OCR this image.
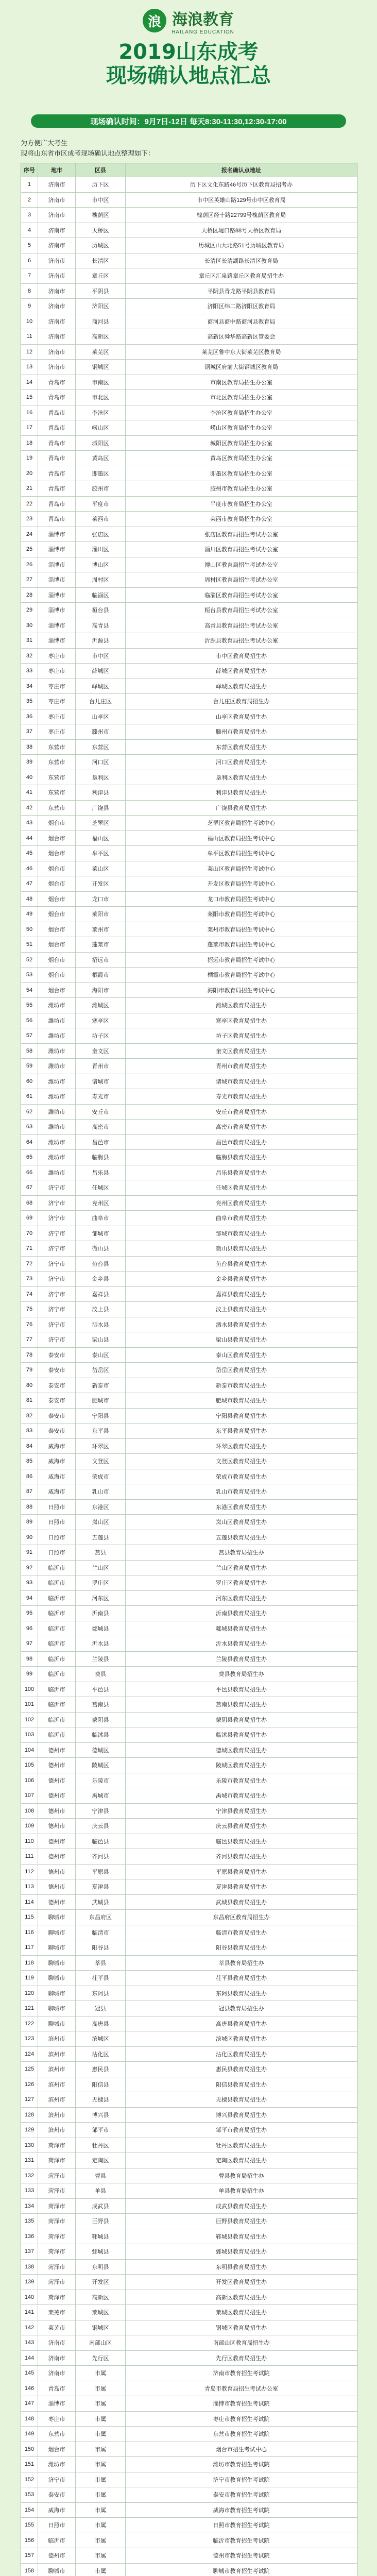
浪 海浪教育
HAILANG EDUCATION
2019山东成考
现场确认地点汇总
现场确认时间：9月7日-12日 每天8:30-11:30,12:30-17:00
为方便广大考生
现将山东省市区成考现场确认地点整理如下：
序号	地市	区县	报名确认点地址
1	济南市	历下区	历下区文化东路46号历下区教育局招考办
2	济南市	市中区	市中区英雄山路129号市中区教育局
3	济南市	槐荫区	槐荫区经十路22799号槐荫区教育局
4	济南市	天桥区	天桥区堤口路88号天桥区教育局
5	济南市	历城区	历城区山大北路51号历城区教育局
6	济南市	长清区	长清区长清湖路长清区教育局
7	济南市	章丘区	章丘区汇泉路章丘区教育局招生办
8	济南市	平阴县	平阴县青龙路平阴县教育局
9	济南市	济阳区	济阳区纬二路济阳区教育局
10	济南市	商河县	商河县商中路商河县教育局
11	济南市	高新区	高新区舜华路高新区管委会
12	济南市	莱芜区	莱芜区鲁中东大街莱芜区教育局
13	济南市	钢城区	钢城区府前大街钢城区教育局
14	青岛市	市南区	市南区教育局招生办公室
15	青岛市	市北区	市北区教育局招生办公室
16	青岛市	李沧区	李沧区教育局招生办公室
17	青岛市	崂山区	崂山区教育局招生办公室
18	青岛市	城阳区	城阳区教育局招生办公室
19	青岛市	黄岛区	黄岛区教育局招生办公室
20	青岛市	即墨区	即墨区教育局招生办公室
21	青岛市	胶州市	胶州市教育局招生办公室
22	青岛市	平度市	平度市教育局招生办公室
23	青岛市	莱西市	莱西市教育局招生办公室
24	淄博市	张店区	张店区教育局招生考试办公室
25	淄博市	淄川区	淄川区教育局招生考试办公室
26	淄博市	博山区	博山区教育局招生考试办公室
27	淄博市	周村区	周村区教育局招生考试办公室
28	淄博市	临淄区	临淄区教育局招生考试办公室
29	淄博市	桓台县	桓台县教育局招生考试办公室
30	淄博市	高青县	高青县教育局招生考试办公室
31	淄博市	沂源县	沂源县教育局招生考试办公室
32	枣庄市	市中区	市中区教育局招生办
33	枣庄市	薛城区	薛城区教育局招生办
34	枣庄市	峄城区	峄城区教育局招生办
35	枣庄市	台儿庄区	台儿庄区教育局招生办
36	枣庄市	山亭区	山亭区教育局招生办
37	枣庄市	滕州市	滕州市教育局招生办
38	东营市	东营区	东营区教育局招生办
39	东营市	河口区	河口区教育局招生办
40	东营市	垦利区	垦利区教育局招生办
41	东营市	利津县	利津县教育局招生办
42	东营市	广饶县	广饶县教育局招生办
43	烟台市	芝罘区	芝罘区教育局招生考试中心
44	烟台市	福山区	福山区教育局招生考试中心
45	烟台市	牟平区	牟平区教育局招生考试中心
46	烟台市	莱山区	莱山区教育局招生考试中心
47	烟台市	开发区	开发区教育局招生考试中心
48	烟台市	龙口市	龙口市教育局招生考试中心
49	烟台市	莱阳市	莱阳市教育局招生考试中心
50	烟台市	莱州市	莱州市教育局招生考试中心
51	烟台市	蓬莱市	蓬莱市教育局招生考试中心
52	烟台市	招远市	招远市教育局招生考试中心
53	烟台市	栖霞市	栖霞市教育局招生考试中心
54	烟台市	海阳市	海阳市教育局招生考试中心
55	潍坊市	潍城区	潍城区教育局招生办
56	潍坊市	寒亭区	寒亭区教育局招生办
57	潍坊市	坊子区	坊子区教育局招生办
58	潍坊市	奎文区	奎文区教育局招生办
59	潍坊市	青州市	青州市教育局招生办
60	潍坊市	诸城市	诸城市教育局招生办
61	潍坊市	寿光市	寿光市教育局招生办
62	潍坊市	安丘市	安丘市教育局招生办
63	潍坊市	高密市	高密市教育局招生办
64	潍坊市	昌邑市	昌邑市教育局招生办
65	潍坊市	临朐县	临朐县教育局招生办
66	潍坊市	昌乐县	昌乐县教育局招生办
67	济宁市	任城区	任城区教育局招生办
68	济宁市	兖州区	兖州区教育局招生办
69	济宁市	曲阜市	曲阜市教育局招生办
70	济宁市	邹城市	邹城市教育局招生办
71	济宁市	微山县	微山县教育局招生办
72	济宁市	鱼台县	鱼台县教育局招生办
73	济宁市	金乡县	金乡县教育局招生办
74	济宁市	嘉祥县	嘉祥县教育局招生办
75	济宁市	汶上县	汶上县教育局招生办
76	济宁市	泗水县	泗水县教育局招生办
77	济宁市	梁山县	梁山县教育局招生办
78	泰安市	泰山区	泰山区教育局招生办
79	泰安市	岱岳区	岱岳区教育局招生办
80	泰安市	新泰市	新泰市教育局招生办
81	泰安市	肥城市	肥城市教育局招生办
82	泰安市	宁阳县	宁阳县教育局招生办
83	泰安市	东平县	东平县教育局招生办
84	威海市	环翠区	环翠区教育局招生办
85	威海市	文登区	文登区教育局招生办
86	威海市	荣成市	荣成市教育局招生办
87	威海市	乳山市	乳山市教育局招生办
88	日照市	东港区	东港区教育局招生办
89	日照市	岚山区	岚山区教育局招生办
90	日照市	五莲县	五莲县教育局招生办
91	日照市	莒县	莒县教育局招生办
92	临沂市	兰山区	兰山区教育局招生办
93	临沂市	罗庄区	罗庄区教育局招生办
94	临沂市	河东区	河东区教育局招生办
95	临沂市	沂南县	沂南县教育局招生办
96	临沂市	郯城县	郯城县教育局招生办
97	临沂市	沂水县	沂水县教育局招生办
98	临沂市	兰陵县	兰陵县教育局招生办
99	临沂市	费县	费县教育局招生办
100	临沂市	平邑县	平邑县教育局招生办
101	临沂市	莒南县	莒南县教育局招生办
102	临沂市	蒙阴县	蒙阴县教育局招生办
103	临沂市	临沭县	临沭县教育局招生办
104	德州市	德城区	德城区教育局招生办
105	德州市	陵城区	陵城区教育局招生办
106	德州市	乐陵市	乐陵市教育局招生办
107	德州市	禹城市	禹城市教育局招生办
108	德州市	宁津县	宁津县教育局招生办
109	德州市	庆云县	庆云县教育局招生办
110	德州市	临邑县	临邑县教育局招生办
111	德州市	齐河县	齐河县教育局招生办
112	德州市	平原县	平原县教育局招生办
113	德州市	夏津县	夏津县教育局招生办
114	德州市	武城县	武城县教育局招生办
115	聊城市	东昌府区	东昌府区教育局招生办
116	聊城市	临清市	临清市教育局招生办
117	聊城市	阳谷县	阳谷县教育局招生办
118	聊城市	莘县	莘县教育局招生办
119	聊城市	茌平县	茌平县教育局招生办
120	聊城市	东阿县	东阿县教育局招生办
121	聊城市	冠县	冠县教育局招生办
122	聊城市	高唐县	高唐县教育局招生办
123	滨州市	滨城区	滨城区教育局招生办
124	滨州市	沾化区	沾化区教育局招生办
125	滨州市	惠民县	惠民县教育局招生办
126	滨州市	阳信县	阳信县教育局招生办
127	滨州市	无棣县	无棣县教育局招生办
128	滨州市	博兴县	博兴县教育局招生办
129	滨州市	邹平市	邹平市教育局招生办
130	菏泽市	牡丹区	牡丹区教育局招生办
131	菏泽市	定陶区	定陶区教育局招生办
132	菏泽市	曹县	曹县教育局招生办
133	菏泽市	单县	单县教育局招生办
134	菏泽市	成武县	成武县教育局招生办
135	菏泽市	巨野县	巨野县教育局招生办
136	菏泽市	郓城县	郓城县教育局招生办
137	菏泽市	鄄城县	鄄城县教育局招生办
138	菏泽市	东明县	东明县教育局招生办
139	菏泽市	开发区	开发区教育局招生办
140	菏泽市	高新区	高新区教育局招生办
141	莱芜市	莱城区	莱城区教育局招生办
142	莱芜市	钢城区	钢城区教育局招生办
143	济南市	南部山区	南部山区教育局招生办
144	济南市	先行区	先行区教育局招生办
145	济南市	市属	济南市教育招生考试院
146	青岛市	市属	青岛市教育局招生考试办公室
147	淄博市	市属	淄博市教育招生考试院
148	枣庄市	市属	枣庄市教育招生考试院
149	东营市	市属	东营市教育招生考试院
150	烟台市	市属	烟台市招生考试中心
151	潍坊市	市属	潍坊市教育招生考试院
152	济宁市	市属	济宁市教育招生考试院
153	泰安市	市属	泰安市教育招生考试院
154	威海市	市属	威海市教育招生考试院
155	日照市	市属	日照市教育招生考试院
156	临沂市	市属	临沂市教育招生考试院
157	德州市	市属	德州市教育招生考试院
158	聊城市	市属	聊城市教育招生考试院
